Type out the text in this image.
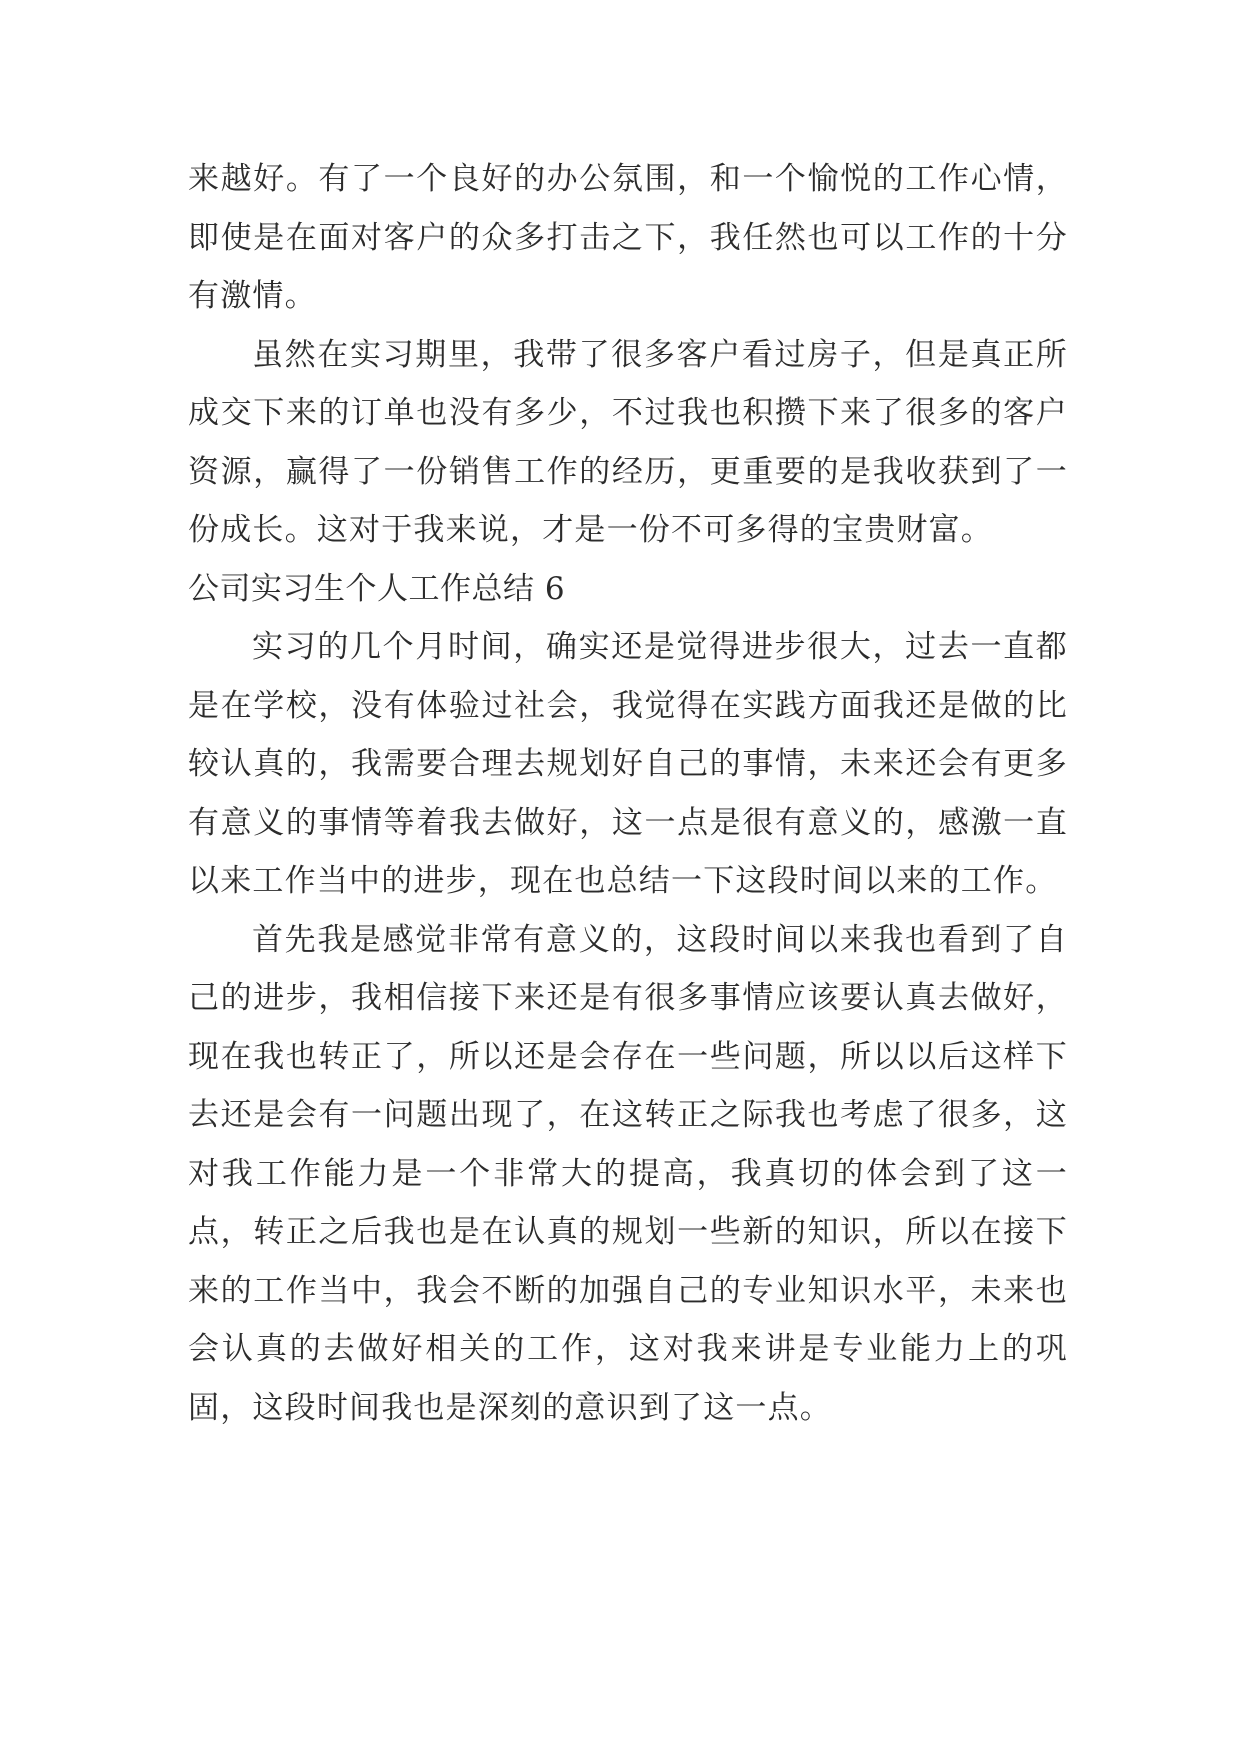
来越好。有了一个良好的办公氛围，和一个愉悦的工作心情，即使是在面对客户的众多打击之下，我任然也可以工作的十分有激情。

虽然在实习期里，我带了很多客户看过房子，但是真正所成交下来的订单也没有多少，不过我也积攒下来了很多的客户资源，赢得了一份销售工作的经历，更重要的是我收获到了一份成长。这对于我来说，才是一份不可多得的宝贵财富。

公司实习生个人工作总结 6

实习的几个月时间，确实还是觉得进步很大，过去一直都是在学校，没有体验过社会，我觉得在实践方面我还是做的比较认真的，我需要合理去规划好自己的事情，未来还会有更多有意义的事情等着我去做好，这一点是很有意义的，感激一直以来工作当中的进步，现在也总结一下这段时间以来的工作。

首先我是感觉非常有意义的，这段时间以来我也看到了自己的进步，我相信接下来还是有很多事情应该要认真去做好，现在我也转正了，所以还是会存在一些问题，所以以后这样下去还是会有一问题出现了，在这转正之际我也考虑了很多，这对我工作能力是一个非常大的提高，我真切的体会到了这一点，转正之后我也是在认真的规划一些新的知识，所以在接下来的工作当中，我会不断的加强自己的专业知识水平，未来也会认真的去做好相关的工作，这对我来讲是专业能力上的巩固，这段时间我也是深刻的意识到了这一点。
